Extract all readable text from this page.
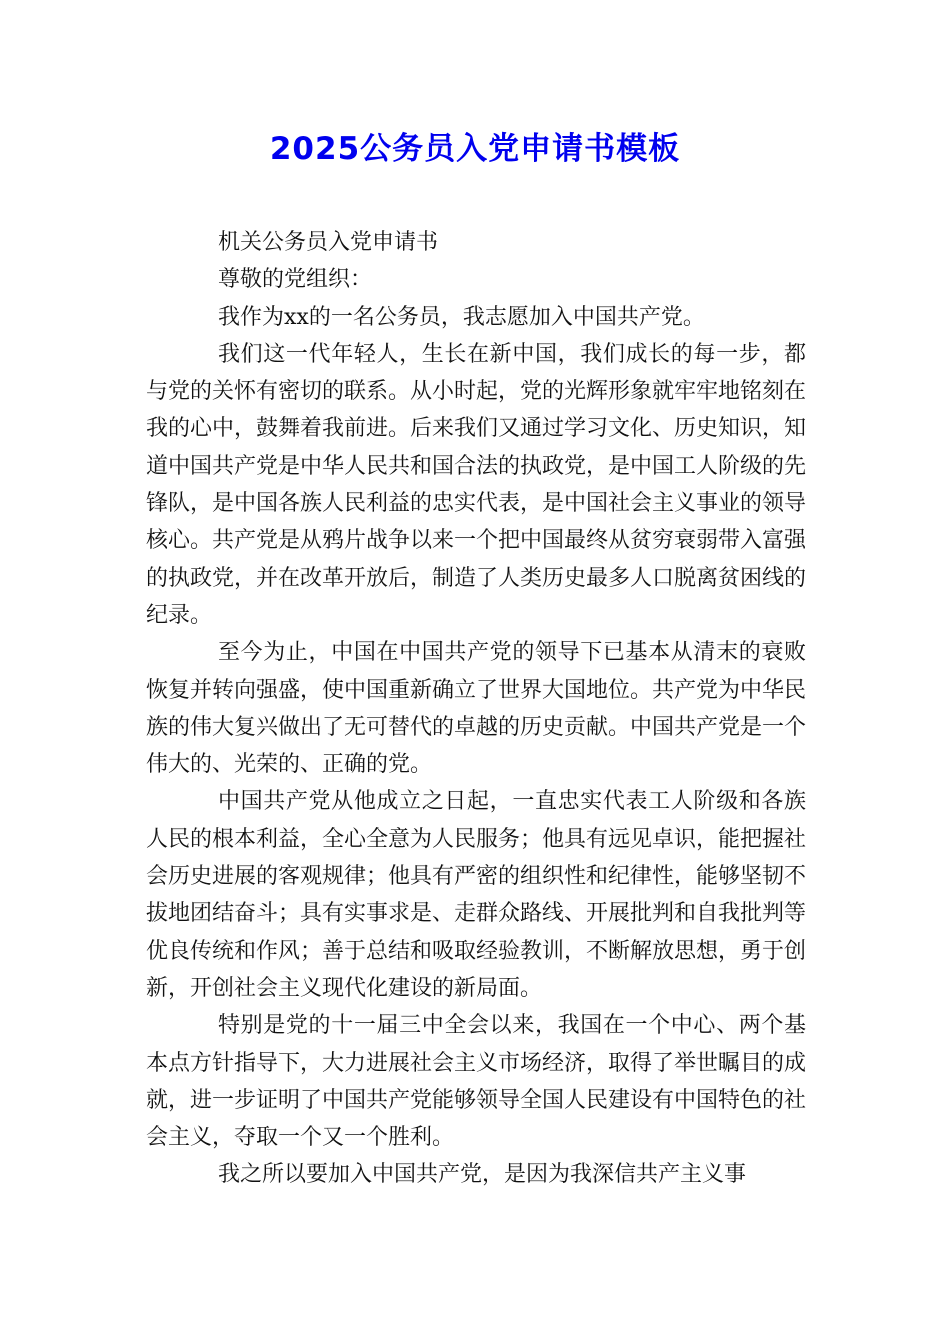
2025公务员入党申请书模板

机关公务员入党申请书

尊敬的党组织：

我作为xx的一名公务员，我志愿加入中国共产党。

我们这一代年轻人，生长在新中国，我们成长的每一步，都与党的关怀有密切的联系。从小时起，党的光辉形象就牢牢地铭刻在我的心中，鼓舞着我前进。后来我们又通过学习文化、历史知识，知道中国共产党是中华人民共和国合法的执政党，是中国工人阶级的先锋队，是中国各族人民利益的忠实代表，是中国社会主义事业的领导核心。共产党是从鸦片战争以来一个把中国最终从贫穷衰弱带入富强的执政党，并在改革开放后，制造了人类历史最多人口脱离贫困线的纪录。

至今为止，中国在中国共产党的领导下已基本从清末的衰败恢复并转向强盛，使中国重新确立了世界大国地位。共产党为中华民族的伟大复兴做出了无可替代的卓越的历史贡献。中国共产党是一个伟大的、光荣的、正确的党。

中国共产党从他成立之日起，一直忠实代表工人阶级和各族人民的根本利益，全心全意为人民服务；他具有远见卓识，能把握社会历史进展的客观规律；他具有严密的组织性和纪律性，能够坚韧不拔地团结奋斗；具有实事求是、走群众路线、开展批判和自我批判等优良传统和作风；善于总结和吸取经验教训，不断解放思想，勇于创新，开创社会主义现代化建设的新局面。

特别是党的十一届三中全会以来，我国在一个中心、两个基本点方针指导下，大力进展社会主义市场经济，取得了举世瞩目的成就，进一步证明了中国共产党能够领导全国人民建设有中国特色的社会主义，夺取一个又一个胜利。

我之所以要加入中国共产党，是因为我深信共产主义事
